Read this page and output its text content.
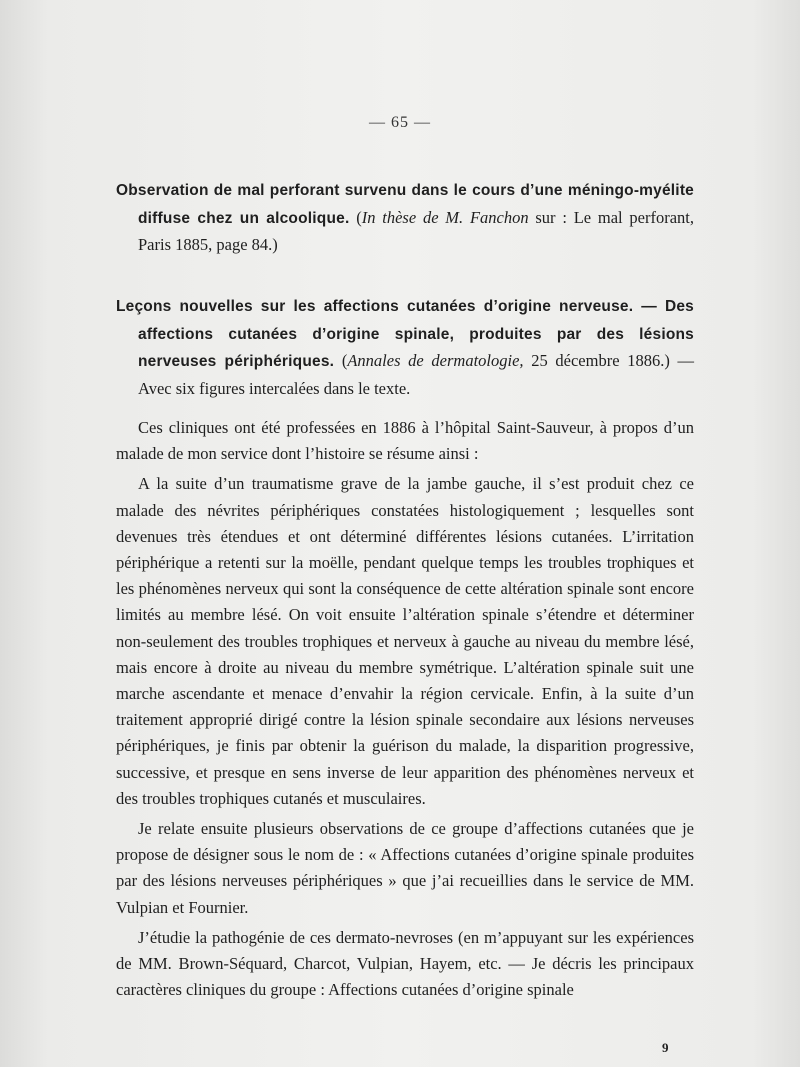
— 65 —

Observation de mal perforant survenu dans le cours d’une méningo-myélite diffuse chez un alcoolique. (In thèse de M. Fanchon sur : Le mal perforant, Paris 1885, page 84.)

Leçons nouvelles sur les affections cutanées d’origine nerveuse. — Des affections cutanées d’origine spinale, produites par des lésions nerveuses périphériques. (Annales de dermatologie, 25 décembre 1886.) — Avec six figures intercalées dans le texte.

Ces cliniques ont été professées en 1886 à l’hôpital Saint-Sauveur, à propos d’un malade de mon service dont l’histoire se résume ainsi :

A la suite d’un traumatisme grave de la jambe gauche, il s’est produit chez ce malade des névrites périphériques constatées histologiquement ; lesquelles sont devenues très étendues et ont déterminé différentes lésions cutanées. L’irritation périphérique a retenti sur la moëlle, pendant quelque temps les troubles trophiques et les phénomènes nerveux qui sont la conséquence de cette altération spinale sont encore limités au membre lésé. On voit ensuite l’altération spinale s’étendre et déterminer non-seulement des troubles trophiques et nerveux à gauche au niveau du membre lésé, mais encore à droite au niveau du membre symétrique. L’altération spinale suit une marche ascendante et menace d’envahir la région cervicale. Enfin, à la suite d’un traitement approprié dirigé contre la lésion spinale secondaire aux lésions nerveuses périphériques, je finis par obtenir la guérison du malade, la disparition progressive, successive, et presque en sens inverse de leur apparition des phénomènes nerveux et des troubles trophiques cutanés et musculaires.

Je relate ensuite plusieurs observations de ce groupe d’affections cutanées que je propose de désigner sous le nom de : « Affections cutanées d’origine spinale produites par des lésions nerveuses périphériques » que j’ai recueillies dans le service de MM. Vulpian et Fournier.

J’étudie la pathogénie de ces dermato-nevroses (en m’appuyant sur les expériences de MM. Brown-Séquard, Charcot, Vulpian, Hayem, etc. — Je décris les principaux caractères cliniques du groupe : Affections cutanées d’origine spinale

9
